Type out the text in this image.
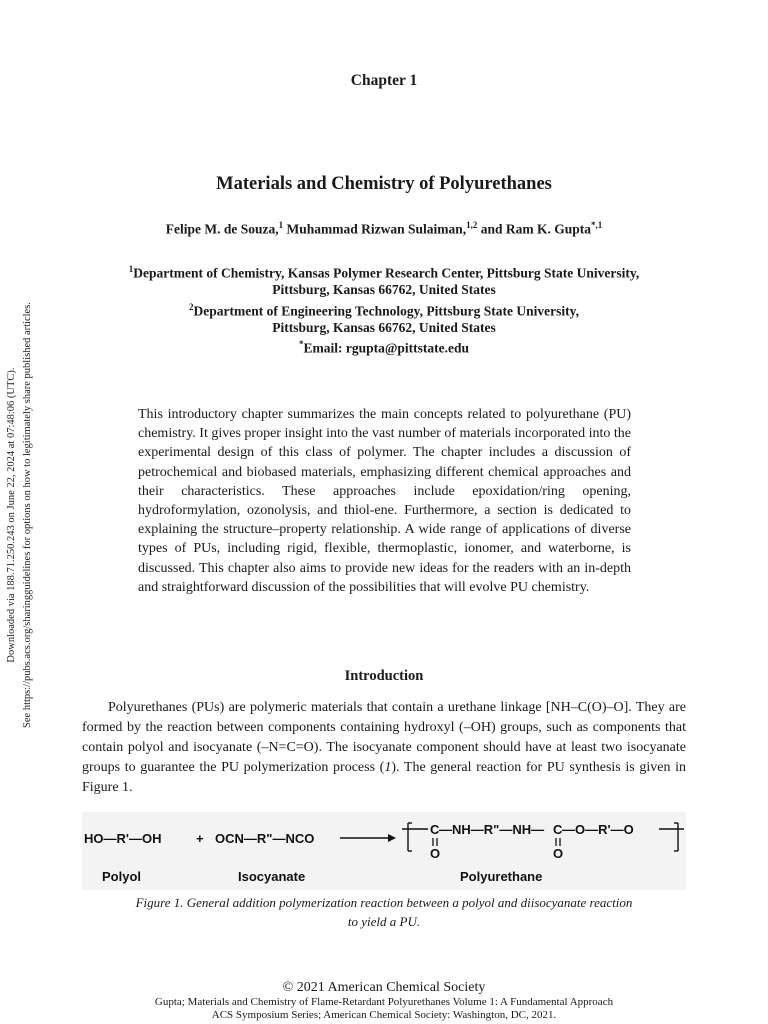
Downloaded via 188.71.250.243 on June 22, 2024 at 07:48:06 (UTC). See https://pubs.acs.org/sharingguidelines for options on how to legitimately share published articles.
Chapter 1
Materials and Chemistry of Polyurethanes
Felipe M. de Souza,$^1$ Muhammad Rizwan Sulaiman,$^{1,2}$ and Ram K. Gupta$^{*,1}$
$^1$Department of Chemistry, Kansas Polymer Research Center, Pittsburg State University,
Pittsburg, Kansas 66762, United States
$^2$Department of Engineering Technology, Pittsburg State University,
Pittsburg, Kansas 66762, United States
*Email: rgupta@pittstate.edu
This introductory chapter summarizes the main concepts related to polyurethane (PU) chemistry. It gives proper insight into the vast number of materials incorporated into the experimental design of this class of polymer. The chapter includes a discussion of petrochemical and biobased materials, emphasizing different chemical approaches and their characteristics. These approaches include epoxidation/ring opening, hydroformylation, ozonolysis, and thiol-ene. Furthermore, a section is dedicated to explaining the structure–property relationship. A wide range of applications of diverse types of PUs, including rigid, flexible, thermoplastic, ionomer, and waterborne, is discussed. This chapter also aims to provide new ideas for the readers with an in-depth and straightforward discussion of the possibilities that will evolve PU chemistry.
Introduction

Polyurethanes (PUs) are polymeric materials that contain a urethane linkage [NH–C(O)–O]. They are formed by the reaction between components containing hydroxyl (–OH) groups, such as components that contain polyol and isocyanate (–N=C=O). The isocyanate component should have at least two isocyanate groups to guarantee the PU polymerization process (1). The general reaction for PU synthesis is given in Figure 1.

HO—R'—OH	+ OCN—R"—NCO
C —NH—R"—NH— C —O—R'—O
O	O
Polyol	Isocyanate	Polyurethane
Figure 1. General addition polymerization reaction between a polyol and diisocyanate reaction
to yield a PU.
© 2021 American Chemical Society
Gupta; Materials and Chemistry of Flame-Retardant Polyurethanes Volume 1: A Fundamental Approach
ACS Symposium Series; American Chemical Society: Washington, DC, 2021.
